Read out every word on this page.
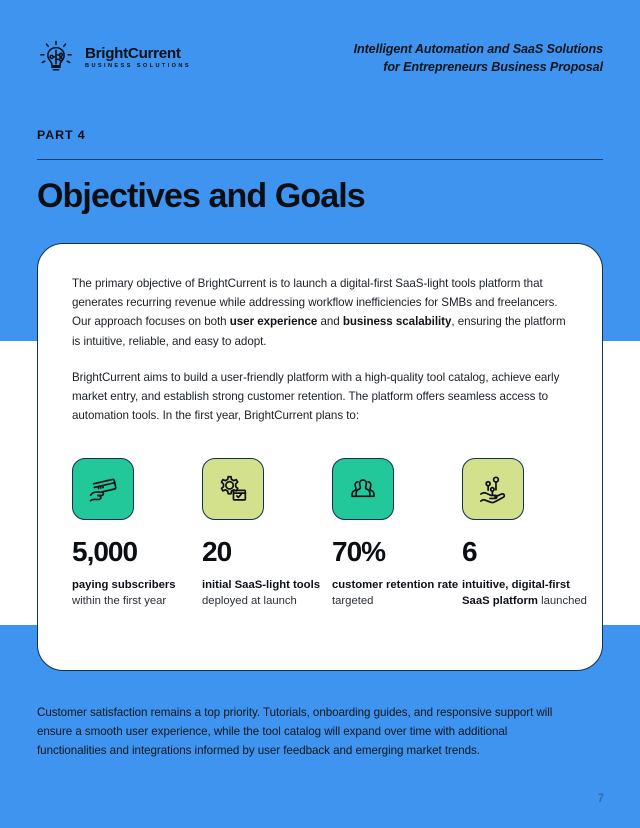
BrightCurrent
BUSINESS SOLUTIONS
Intelligent Automation and SaaS Solutions
for Entrepreneurs Business Proposal
PART 4
Objectives and Goals

The primary objective of BrightCurrent is to launch a digital-first SaaS-light tools platform that generates recurring revenue while addressing workflow inefficiencies for SMBs and freelancers. Our approach focuses on both user experience and business scalability, ensuring the platform is intuitive, reliable, and easy to adopt.

BrightCurrent aims to build a user-friendly platform with a high-quality tool catalog, achieve early market entry, and establish strong customer retention. The platform offers seamless access to automation tools. In the first year, BrightCurrent plans to:

5,000
paying subscribers within the first year
20
initial SaaS-light tools deployed at launch
70%
customer retention rate targeted
6
intuitive, digital-first SaaS platform launched
Customer satisfaction remains a top priority. Tutorials, onboarding guides, and responsive support will ensure a smooth user experience, while the tool catalog will expand over time with additional functionalities and integrations informed by user feedback and emerging market trends.
7
